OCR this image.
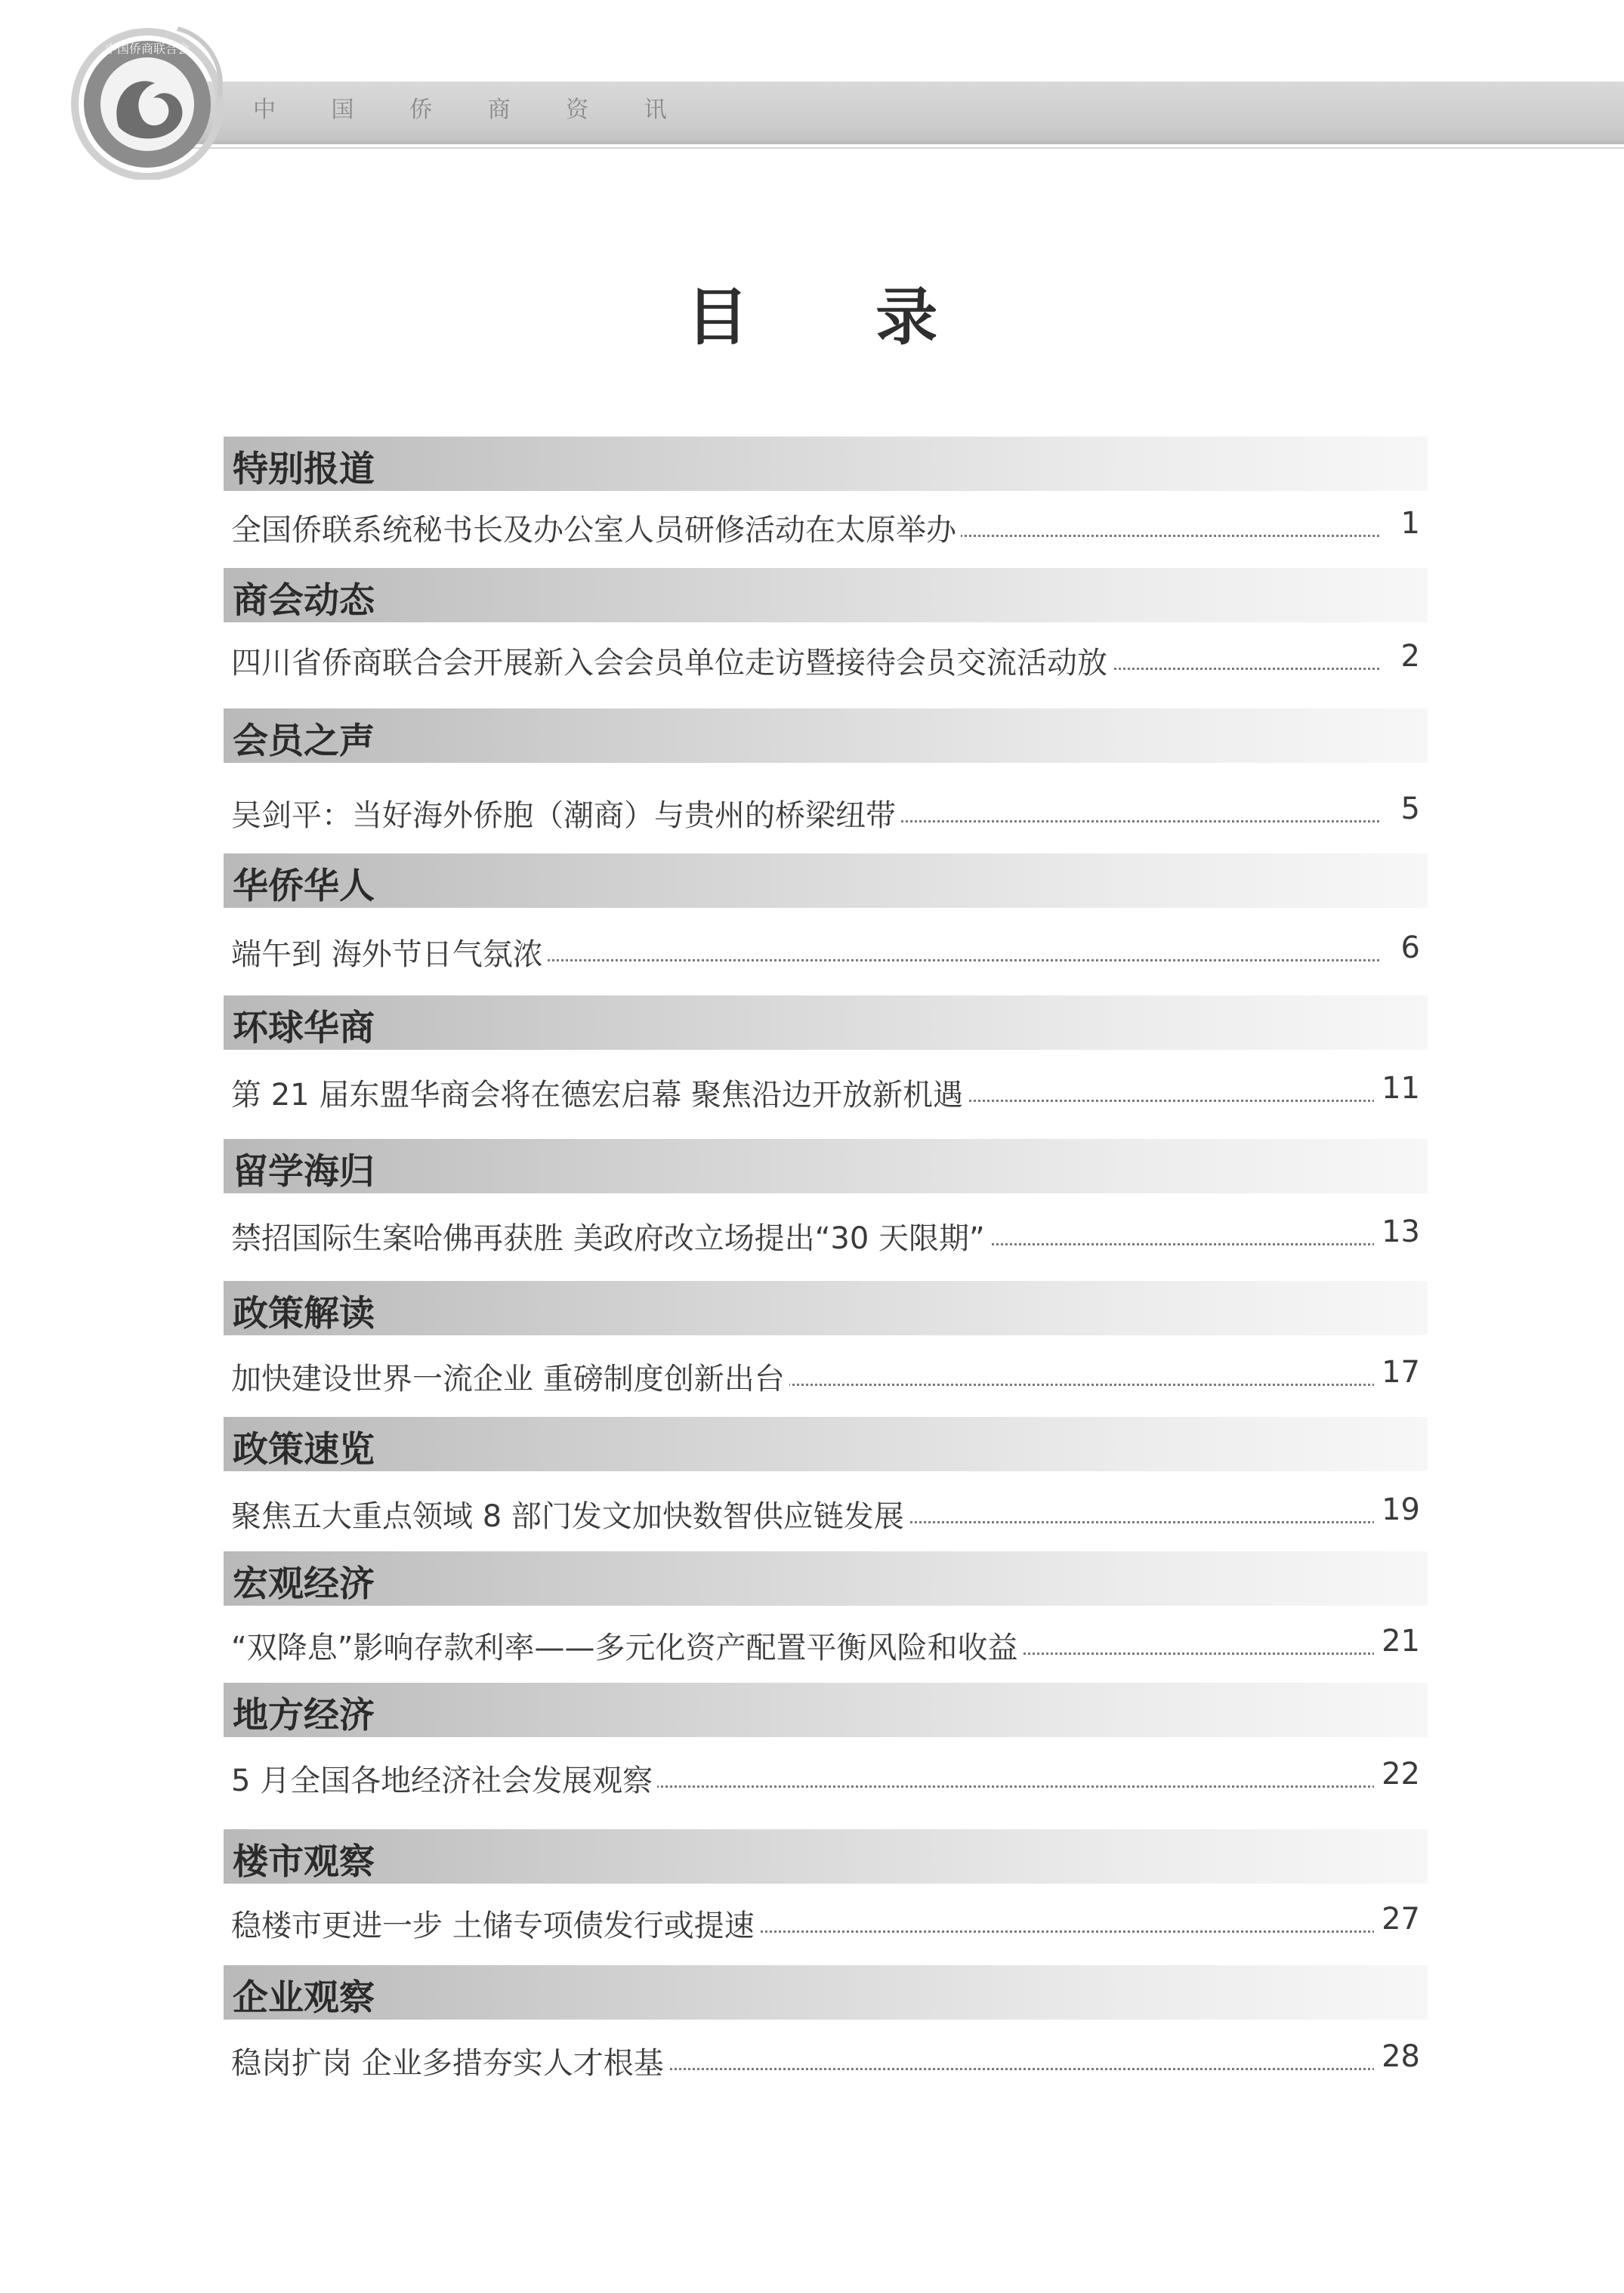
中 国 侨 商 资 讯
中国侨商联合会
目 录
特别报道
全国侨联系统秘书长及办公室人员研修活动在太原举办	1
商会动态
四川省侨商联合会开展新入会会员单位走访暨接待会员交流活动放	2
会员之声
吴剑平：当好海外侨胞（潮商）与贵州的桥梁纽带	5
华侨华人
端午到 海外节日气氛浓	6
环球华商
第 21 届东盟华商会将在德宏启幕 聚焦沿边开放新机遇	11
留学海归
禁招国际生案哈佛再获胜 美政府改立场提出“30 天限期”	13
政策解读
加快建设世界一流企业 重磅制度创新出台	17
政策速览
聚焦五大重点领域 8 部门发文加快数智供应链发展	19
宏观经济
“双降息”影响存款利率——多元化资产配置平衡风险和收益	21
地方经济
5 月全国各地经济社会发展观察	22
楼市观察
稳楼市更进一步 土储专项债发行或提速	27
企业观察
稳岗扩岗 企业多措夯实人才根基	28
